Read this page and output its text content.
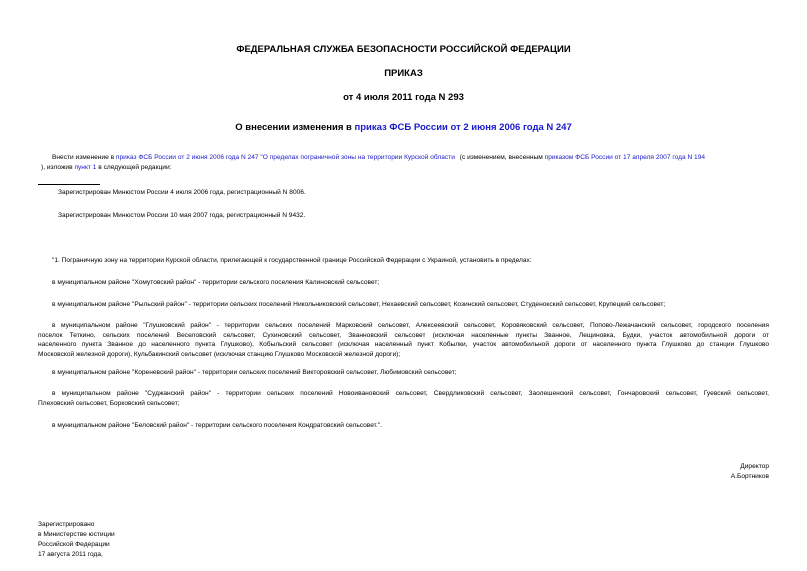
ФЕДЕРАЛЬНАЯ СЛУЖБА БЕЗОПАСНОСТИ РОССИЙСКОЙ ФЕДЕРАЦИИ
ПРИКАЗ
от 4 июля 2011 года N 293
О внесении изменения в приказ ФСБ России от 2 июня 2006 года N 247
Внести изменение в приказ ФСБ России от 2 июня 2006 года N 247 "О пределах пограничной зоны на территории Курской области (с изменением, внесенным приказом ФСБ России от 17 апреля 2007 года N 194
), изложив пункт 1 в следующей редакции:
Зарегистрирован Минюстом России 4 июля 2006 года, регистрационный N 8006.
Зарегистрирован Минюстом России 10 мая 2007 года, регистрационный N 9432.
"1. Пограничную зону на территории Курской области, прилегающей к государственной границе Российской Федерации с Украиной, установить в пределах:
в муниципальном районе "Хомутовский район" - территории сельского поселения Калиновский сельсовет;
в муниципальном районе "Рыльский район" - территории сельских поселений Никольниковский сельсовет, Нехаевский сельсовет, Козинский сельсовет, Студенокский сельсовет, Крупецкий сельсовет;
в муниципальном районе "Глушковский район" - территории сельских поселений Марковский сельсовет, Алексеевский сельсовет, Коровяковский сельсовет, Попово-Лежачанский сельсовет, городского поселения
поселок Теткино, сельских поселений Веселовский сельсовет, Сухиновский сельсовет, Званновский сельсовет (исключая населенные пункты Званное, Лещиновка, Будки, участок автомобильной дороги от
населенного пункта Званное до населенного пункта Глушково), Кобыльский сельсовет (исключая населенный пункт Кобылки, участок автомобильной дороги от населенного пункта Глушково до станции Глушково
Московской железной дороги), Кульбакинский сельсовет (исключая станцию Глушково Московской железной дороги);
в муниципальном районе "Кореневский район" - территории сельских поселений Викторовский сельсовет, Любимовский сельсовет;
в муниципальном районе "Суджанский район" - территории сельских поселений Новоивановский сельсовет, Свердликовский сельсовет, Заолешенский сельсовет, Гончаровский сельсовет, Гуевский сельсовет,
Плеховский сельсовет, Борковский сельсовет;
в муниципальном районе "Беловский район" - территории сельского поселения Кондратовский сельсовет.".
Директор
А.Бортников
Зарегистрировано
в Министерстве юстиции
Российской Федерации
17 августа 2011 года,
